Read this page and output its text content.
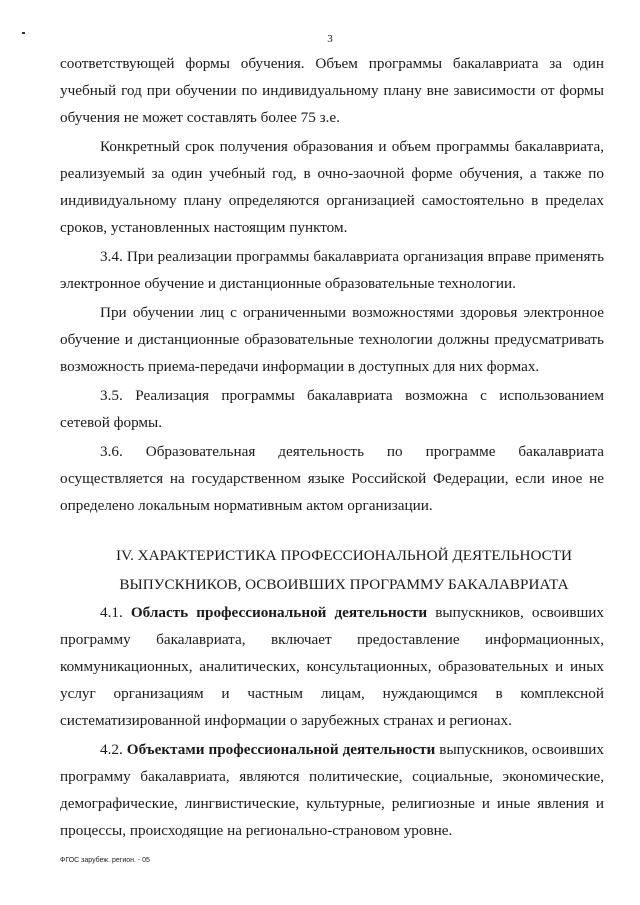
3

соответствующей формы обучения. Объем программы бакалавриата за один учебный год при обучении по индивидуальному плану вне зависимости от формы обучения не может составлять более 75 з.е.

Конкретный срок получения образования и объем программы бакалавриата, реализуемый за один учебный год, в очно-заочной форме обучения, а также по индивидуальному плану определяются организацией самостоятельно в пределах сроков, установленных настоящим пунктом.

3.4. При реализации программы бакалавриата организация вправе применять электронное обучение и дистанционные образовательные технологии.

При обучении лиц с ограниченными возможностями здоровья электронное обучение и дистанционные образовательные технологии должны предусматривать возможность приема-передачи информации в доступных для них формах.

3.5. Реализация программы бакалавриата возможна с использованием сетевой формы.

3.6. Образовательная деятельность по программе бакалавриата осуществляется на государственном языке Российской Федерации, если иное не определено локальным нормативным актом организации.

IV. ХАРАКТЕРИСТИКА ПРОФЕССИОНАЛЬНОЙ ДЕЯТЕЛЬНОСТИ
ВЫПУСКНИКОВ, ОСВОИВШИХ ПРОГРАММУ БАКАЛАВРИАТА

4.1. Область профессиональной деятельности выпускников, освоивших программу бакалавриата, включает предоставление информационных, коммуникационных, аналитических, консультационных, образовательных и иных услуг организациям и частным лицам, нуждающимся в комплексной систематизированной информации о зарубежных странах и регионах.

4.2. Объектами профессиональной деятельности выпускников, освоивших программу бакалавриата, являются политические, социальные, экономические, демографические, лингвистические, культурные, религиозные и иные явления и процессы, происходящие на регионально-страновом уровне.

ФГОС зарубеж. регион. - 05
